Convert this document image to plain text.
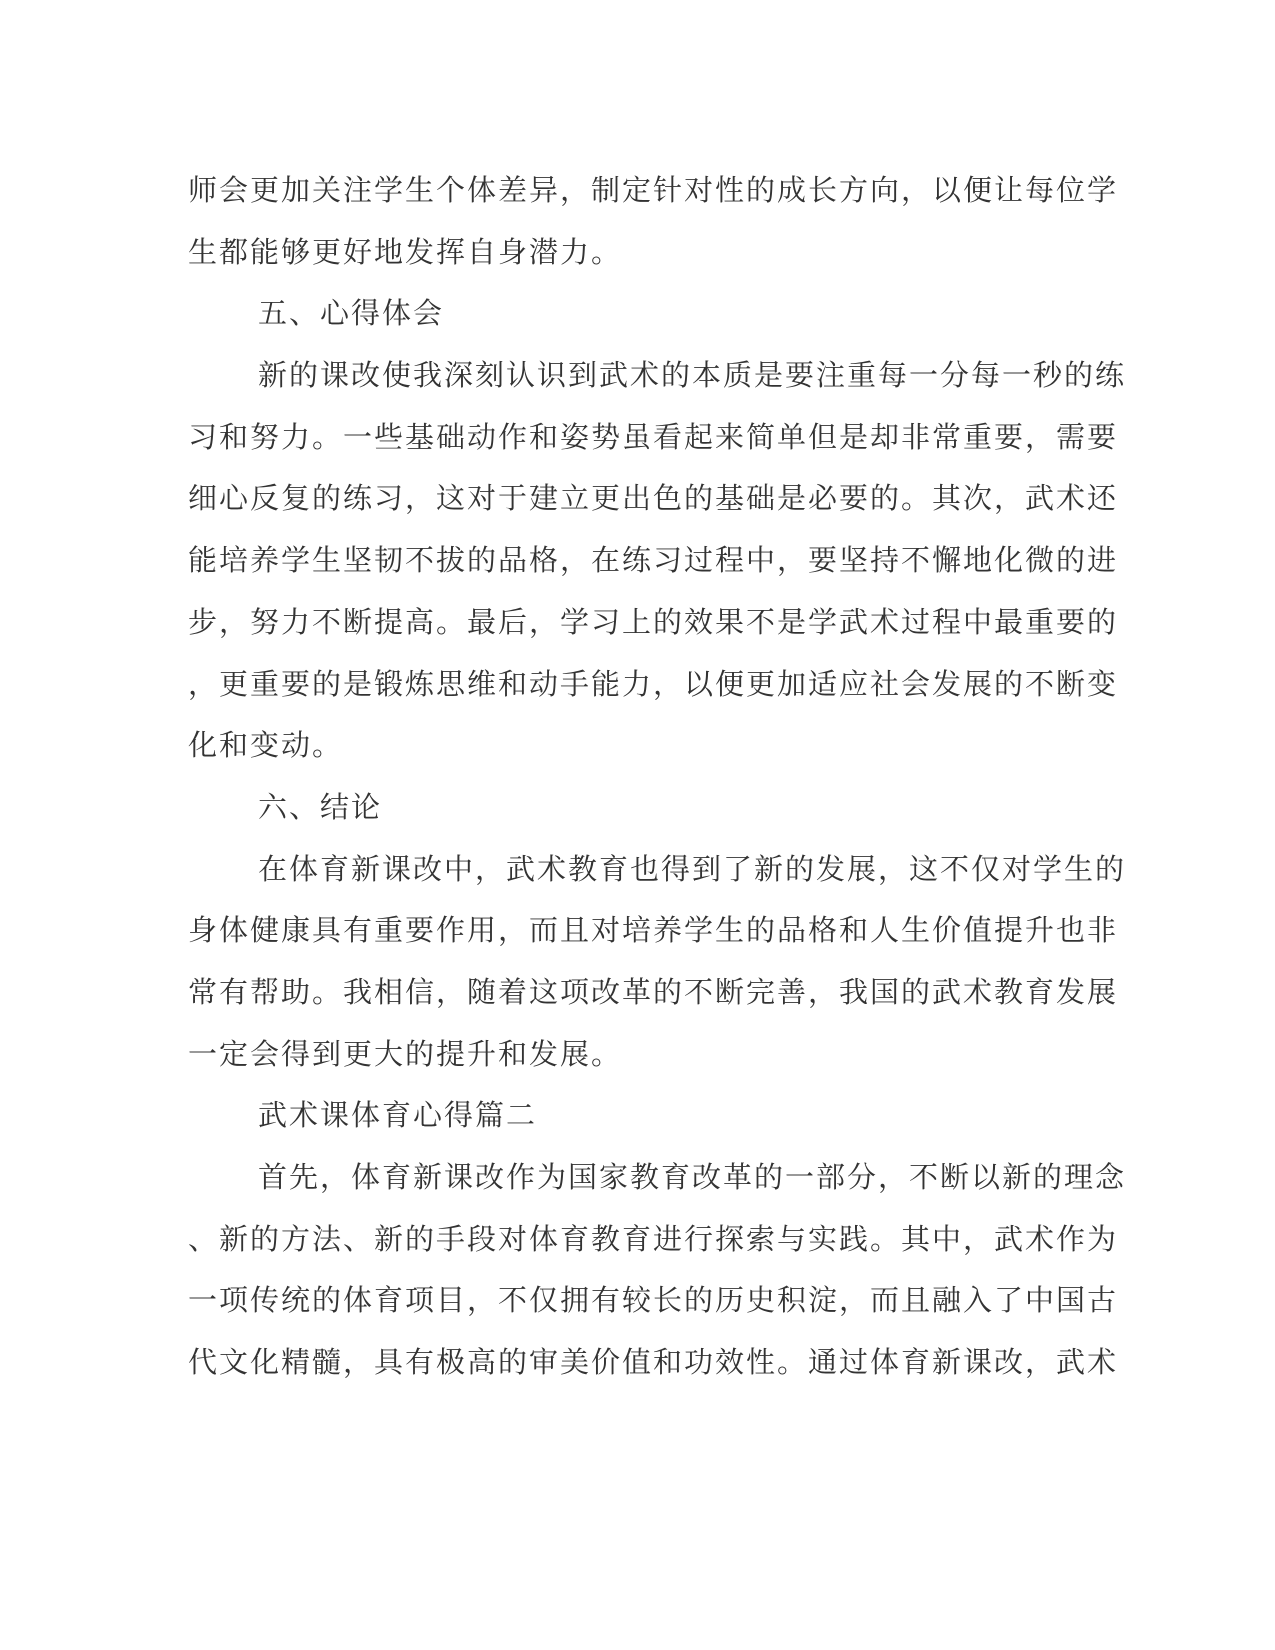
师会更加关注学生个体差异，制定针对性的成长方向，以便让每位学
生都能够更好地发挥自身潜力。
五、心得体会
新的课改使我深刻认识到武术的本质是要注重每一分每一秒的练
习和努力。一些基础动作和姿势虽看起来简单但是却非常重要，需要
细心反复的练习，这对于建立更出色的基础是必要的。其次，武术还
能培养学生坚韧不拔的品格，在练习过程中，要坚持不懈地化微的进
步，努力不断提高。最后，学习上的效果不是学武术过程中最重要的
，更重要的是锻炼思维和动手能力，以便更加适应社会发展的不断变
化和变动。
六、结论
在体育新课改中，武术教育也得到了新的发展，这不仅对学生的
身体健康具有重要作用，而且对培养学生的品格和人生价值提升也非
常有帮助。我相信，随着这项改革的不断完善，我国的武术教育发展
一定会得到更大的提升和发展。
武术课体育心得篇二
首先，体育新课改作为国家教育改革的一部分，不断以新的理念
、新的方法、新的手段对体育教育进行探索与实践。其中，武术作为
一项传统的体育项目，不仅拥有较长的历史积淀，而且融入了中国古
代文化精髓，具有极高的审美价值和功效性。通过体育新课改，武术
